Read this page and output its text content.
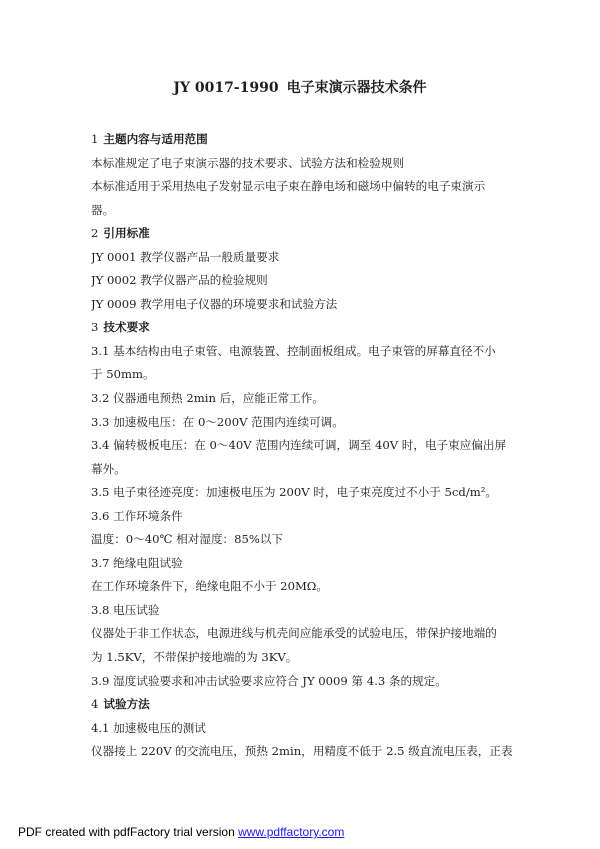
JY 0017-1990 电子束演示器技术条件
1 主题内容与适用范围
本标准规定了电子束演示器的技术要求、试验方法和检验规则
本标准适用于采用热电子发射显示电子束在静电场和磁场中偏转的电子束演示
器。
2 引用标准
JY 0001 教学仪器产品一般质量要求
JY 0002 教学仪器产品的检验规则
JY 0009 教学用电子仪器的环境要求和试验方法
3 技术要求
3.1 基本结构由电子束管、电源装置、控制面板组成。电子束管的屏幕直径不小
于 50mm。
3.2 仪器通电预热 2min 后，应能正常工作。
3.3 加速极电压：在 0～200V 范围内连续可调。
3.4 偏转极板电压：在 0～40V 范围内连续可调，调至 40V 时，电子束应偏出屏
幕外。
3.5 电子束径迹亮度：加速极电压为 200V 时，电子束亮度过不小于 5cd/m²。
3.6 工作环境条件
温度：0～40℃ 相对湿度：85%以下
3.7 绝缘电阻试验
在工作环境条件下，绝缘电阻不小于 20MΩ。
3.8 电压试验
仪器处于非工作状态，电源进线与机壳间应能承受的试验电压，带保护接地端的
为 1.5KV，不带保护接地端的为 3KV。
3.9 湿度试验要求和冲击试验要求应符合 JY 0009 第 4.3 条的规定。
4 试验方法
4.1 加速极电压的测试
仪器接上 220V 的交流电压，预热 2min，用精度不低于 2.5 级直流电压表，正表
PDF created with pdfFactory trial version www.pdffactory.com
